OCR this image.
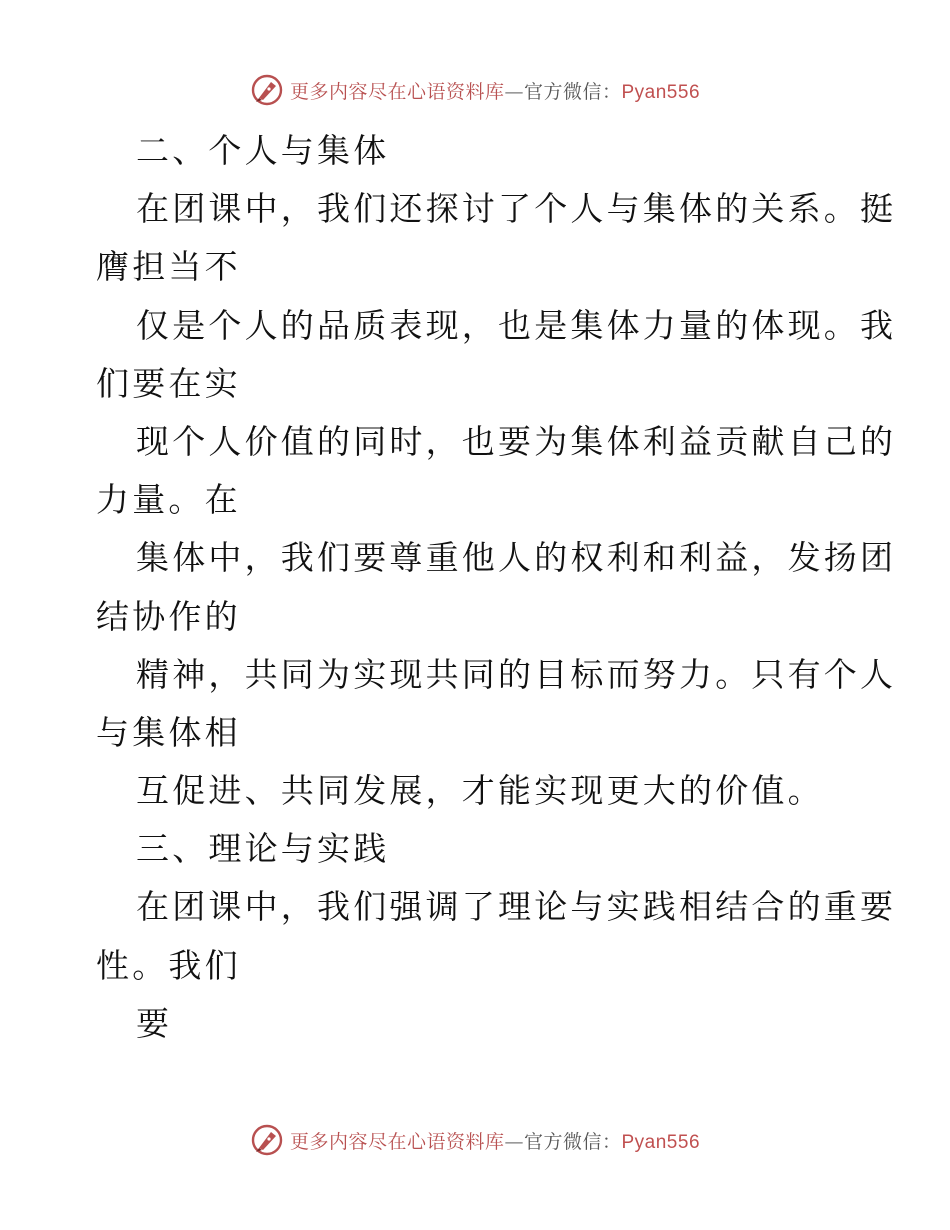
更多内容尽在心语资料库—官方微信：Pyan556
二、个人与集体
在团课中，我们还探讨了个人与集体的关系。挺
膺担当不
仅是个人的品质表现，也是集体力量的体现。我
们要在实
现个人价值的同时，也要为集体利益贡献自己的
力量。在
集体中，我们要尊重他人的权利和利益，发扬团
结协作的
精神，共同为实现共同的目标而努力。只有个人
与集体相
互促进、共同发展，才能实现更大的价值。
三、理论与实践
在团课中，我们强调了理论与实践相结合的重要
性。我们
要
更多内容尽在心语资料库—官方微信：Pyan556
